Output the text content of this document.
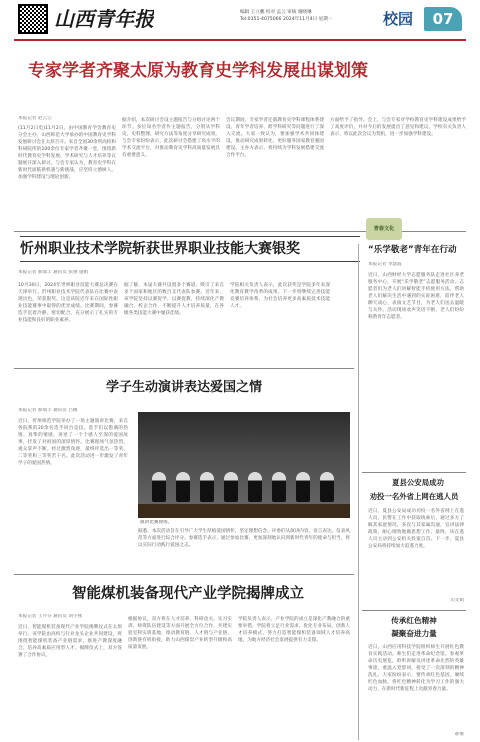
山西青年报	编辑 王立鹏 校对 孟云 审核 谢晓琳
Tel:0351-4075066 2024年11月4日 星期一	校园	07
专家学者齐聚太原为教育史学科发展出谋划策
本报记者 赵云云
(11月2日电)11月2日，由中国教育学会教育史分会主办、山西师范大学承办的中国教育史学科发展研讨会在太原召开。来自全国30余所高校和科研院所的100余位专家学者齐聚一堂，围绕新时代教育史学科发展、学术研究与人才培养等议题展开深入研讨。与会专家认为，教育史学科在新时代面临新机遇与新挑战，应坚持立德树人，加强学科建设与理论创新。
据介绍，本次研讨会设主题报告与分组讨论两个环节。多位知名学者作主题报告，分别从学科史、史料整理、研究方法等角度分享研究成果。与会专家纷纷表示，此次研讨会搭建了高水平的学术交流平台，对推动教育史学科高质量发展具有重要意义。
会议期间，专家学者还就教育史学科课程体系建设、青年学者培养、跨学科研究等问题进行了深入交流。大家一致认为，要加强学术共同体建设，推动研究成果转化，更好服务国家教育强国建设。主办方表示，将持续为学科发展搭建交流合作平台。
方面给予了指导。会上，与会专家对学校教育史学科建设成果给予了高度评价，并对今后的发展提出了意见和建议。学校有关负责人表示，将以此次会议为契机，进一步加强学科建设。
忻州职业技术学院斩获世界职业技能大赛银奖
本报记者 郝瑞丰 通讯员 张翔 施娟
10月30日，2024年世界职业技能大赛总决赛在天津举行。忻州职业技术学院代表队在比赛中表现出色，荣获银奖。这是该院近年来在国际性职业技能赛事中取得的优异成绩。比赛期间，参赛选手沉着冷静、密切配合，充分展示了扎实的专业技能和良好的职业素养。
据了解，本届大赛共设置多个赛道，吸引了来自多个国家和地区的数百支代表队参赛。近年来，该学院坚持以赛促学、以赛促教，持续深化产教融合、校企合作，不断提升人才培养质量，在各级各类技能大赛中屡获佳绩。
学院相关负责人表示，此次获奖是学院多年来深化教育教学改革的成果，下一步将继续完善技能竞赛培养体系，为社会培养更多高素质技术技能人才。
青春文化
“乐学敬老”青年在行动
本报记者 李瑟霞
近日，山西财经大学志愿服务队走进社区养老服务中心，开展“乐学敬老”志愿服务活动。志愿者们为老人们讲解智能手机使用方法，帮助老人们解决生活中遇到的实际困难，陪伴老人聊天谈心，表演文艺节目，为老人们送去温暖与关怀。活动现场欢声笑语不断，老人们纷纷称赞青年志愿者。
学子生动演讲表达爱国之情
本报记者 郝瑞丰 通讯员 吕佩
近日，忻州师范学院举办了一场主题演讲比赛，来自各院系的20余名选手同台竞技。选手们以饱满的热情、真挚的情感，讲述了一个个感人至深的爱国故事，抒发了对祖国的深厚情怀。比赛现场气氛热烈，观众掌声不断。经过激烈角逐，最终评选出一等奖、二等奖和三等奖若干名。此次活动进一步激发了青年学子的爱国热情。
演讲比赛现场。
据悉，本次活动旨在引导广大学生厚植爱国情怀，坚定理想信念。评委们从演讲内容、语言表达、仪表风范等方面进行综合评分。参赛选手表示，通过参加比赛，更加深刻地认识到新时代青年的使命与担当，将以实际行动践行爱国之志。
夏县公安局成功
劝投一名外省上网在逃人员
近日，夏县公安局成功劝投一名外省网上在逃人员。民警在工作中获取线索后，通过多方了解其家庭情况，多次与其家属沟通，宣讲法律政策，耐心细致地做思想工作。最终，该在逃人员主动到公安机关投案自首。下一步，夏县公安局将持续加大追逃力度。
司文娟
智能煤机装备现代产业学院揭牌成立
本报记者 王芹芬 通讯员 刘小燕
近日，智能煤机装备现代产业学院揭牌仪式在太原举行。该学院由高校与行业龙头企业共同建设，将围绕智能煤机装备产业链需求，推进产教深度融合，培养高素质应用型人才。揭牌仪式上，双方签署了合作协议。
根据协议，双方将在人才培养、科研攻关、实习实训、师资队伍建设等方面开展全方位合作，共建实验室和实训基地，推动教育链、人才链与产业链、创新链有机衔接，助力山西煤炭产业转型升级和高质量发展。
学院负责人表示，产业学院的成立是深化产教融合的重要举措，学院将立足行业需求，优化专业布局，创新人才培养模式，努力打造智能煤机装备领域人才培养高地，为地方经济社会发展提供有力支撑。
传承红色精神
凝聚奋进力量
近日，山西应用科技学院组织师生开展红色教育实践活动。师生们走进革命纪念馆，参观革命历史展览，聆听讲解员讲述革命先烈的英雄事迹，重温入党誓词，接受了一次深刻的精神洗礼。大家纷纷表示，要传承红色基因，赓续红色血脉，将红色精神转化为学习工作的强大动力，在新时代新征程上贡献青春力量。
郝俊
